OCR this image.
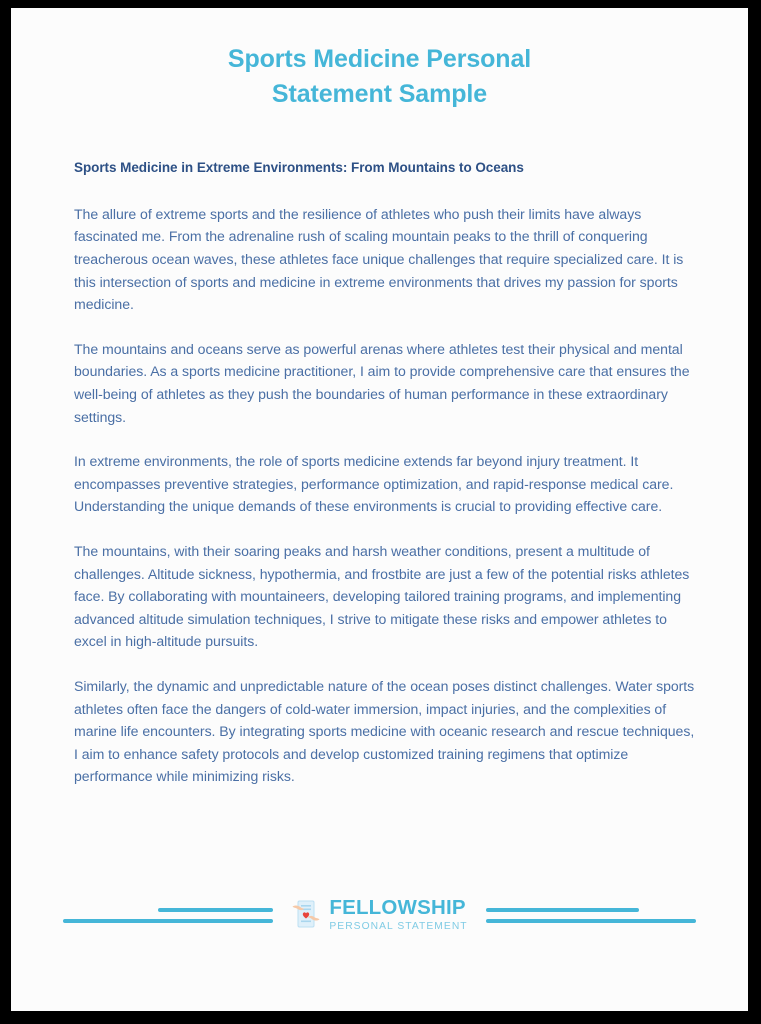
Sports Medicine Personal
Statement Sample
Sports Medicine in Extreme Environments: From Mountains to Oceans

The allure of extreme sports and the resilience of athletes who push their limits have always fascinated me. From the adrenaline rush of scaling mountain peaks to the thrill of conquering treacherous ocean waves, these athletes face unique challenges that require specialized care. It is this intersection of sports and medicine in extreme environments that drives my passion for sports medicine.

The mountains and oceans serve as powerful arenas where athletes test their physical and mental boundaries. As a sports medicine practitioner, I aim to provide comprehensive care that ensures the well-being of athletes as they push the boundaries of human performance in these extraordinary settings.

In extreme environments, the role of sports medicine extends far beyond injury treatment. It encompasses preventive strategies, performance optimization, and rapid-response medical care. Understanding the unique demands of these environments is crucial to providing effective care.

The mountains, with their soaring peaks and harsh weather conditions, present a multitude of challenges. Altitude sickness, hypothermia, and frostbite are just a few of the potential risks athletes face. By collaborating with mountaineers, developing tailored training programs, and implementing advanced altitude simulation techniques, I strive to mitigate these risks and empower athletes to excel in high-altitude pursuits.

Similarly, the dynamic and unpredictable nature of the ocean poses distinct challenges. Water sports athletes often face the dangers of cold-water immersion, impact injuries, and the complexities of marine life encounters. By integrating sports medicine with oceanic research and rescue techniques, I aim to enhance safety protocols and develop customized training regimens that optimize performance while minimizing risks.

FELLOWSHIP
PERSONAL STATEMENT
